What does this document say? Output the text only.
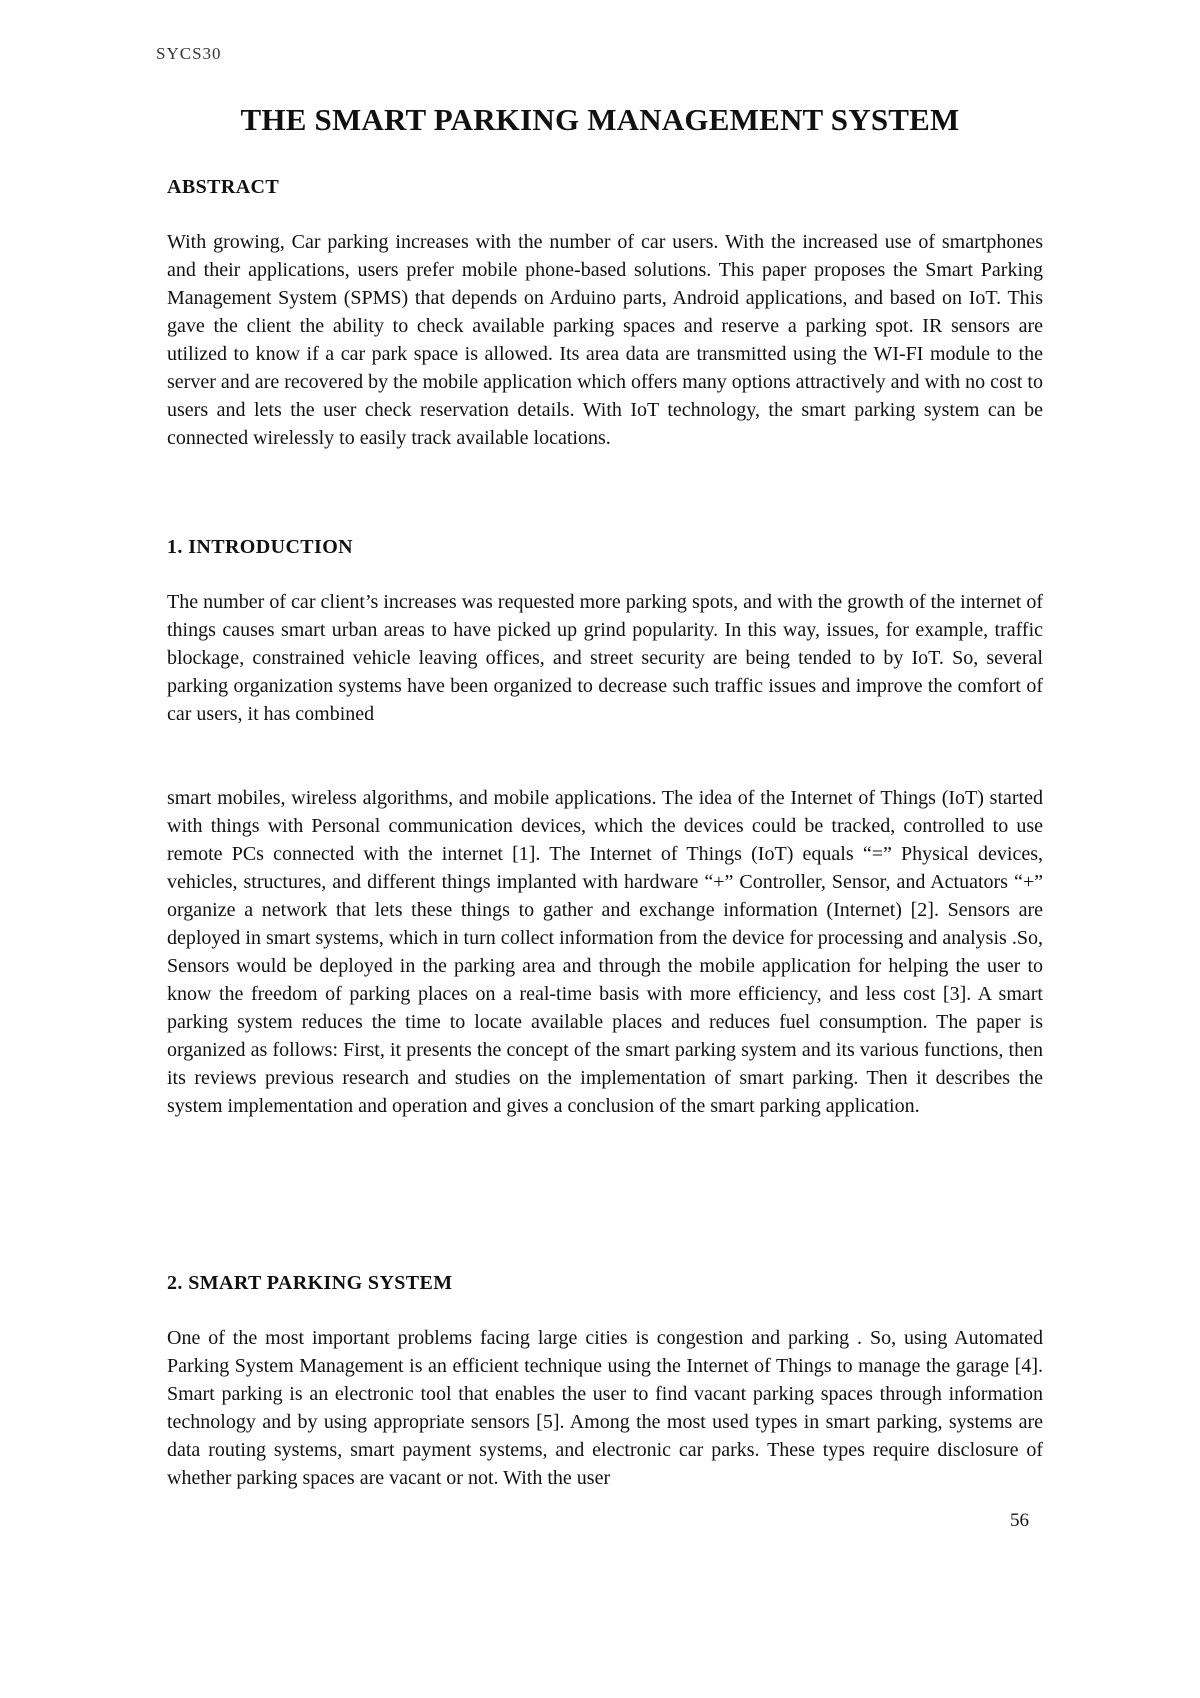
SYCS30
THE SMART PARKING MANAGEMENT SYSTEM
ABSTRACT

With growing, Car parking increases with the number of car users. With the increased use of smartphones and their applications, users prefer mobile phone-based solutions. This paper proposes the Smart Parking Management System (SPMS) that depends on Arduino parts, Android applications, and based on IoT. This gave the client the ability to check available parking spaces and reserve a parking spot. IR sensors are utilized to know if a car park space is allowed. Its area data are transmitted using the WI-FI module to the server and are recovered by the mobile application which offers many options attractively and with no cost to users and lets the user check reservation details. With IoT technology, the smart parking system can be connected wirelessly to easily track available locations.

1. INTRODUCTION

The number of car client’s increases was requested more parking spots, and with the growth of the internet of things causes smart urban areas to have picked up grind popularity. In this way, issues, for example, traffic blockage, constrained vehicle leaving offices, and street security are being tended to by IoT. So, several parking organization systems have been organized to decrease such traffic issues and improve the comfort of car users, it has combined

smart mobiles, wireless algorithms, and mobile applications. The idea of the Internet of Things (IoT) started with things with Personal communication devices, which the devices could be tracked, controlled to use remote PCs connected with the internet [1]. The Internet of Things (IoT) equals “=” Physical devices, vehicles, structures, and different things implanted with hardware “+” Controller, Sensor, and Actuators “+” organize a network that lets these things to gather and exchange information (Internet) [2]. Sensors are deployed in smart systems, which in turn collect information from the device for processing and analysis .So, Sensors would be deployed in the parking area and through the mobile application for helping the user to know the freedom of parking places on a real-time basis with more efficiency, and less cost [3]. A smart parking system reduces the time to locate available places and reduces fuel consumption. The paper is organized as follows: First, it presents the concept of the smart parking system and its various functions, then its reviews previous research and studies on the implementation of smart parking. Then it describes the system implementation and operation and gives a conclusion of the smart parking application.

2. SMART PARKING SYSTEM

One of the most important problems facing large cities is congestion and parking . So, using Automated Parking System Management is an efficient technique using the Internet of Things to manage the garage [4]. Smart parking is an electronic tool that enables the user to find vacant parking spaces through information technology and by using appropriate sensors [5]. Among the most used types in smart parking, systems are data routing systems, smart payment systems, and electronic car parks. These types require disclosure of whether parking spaces are vacant or not. With the user

56
